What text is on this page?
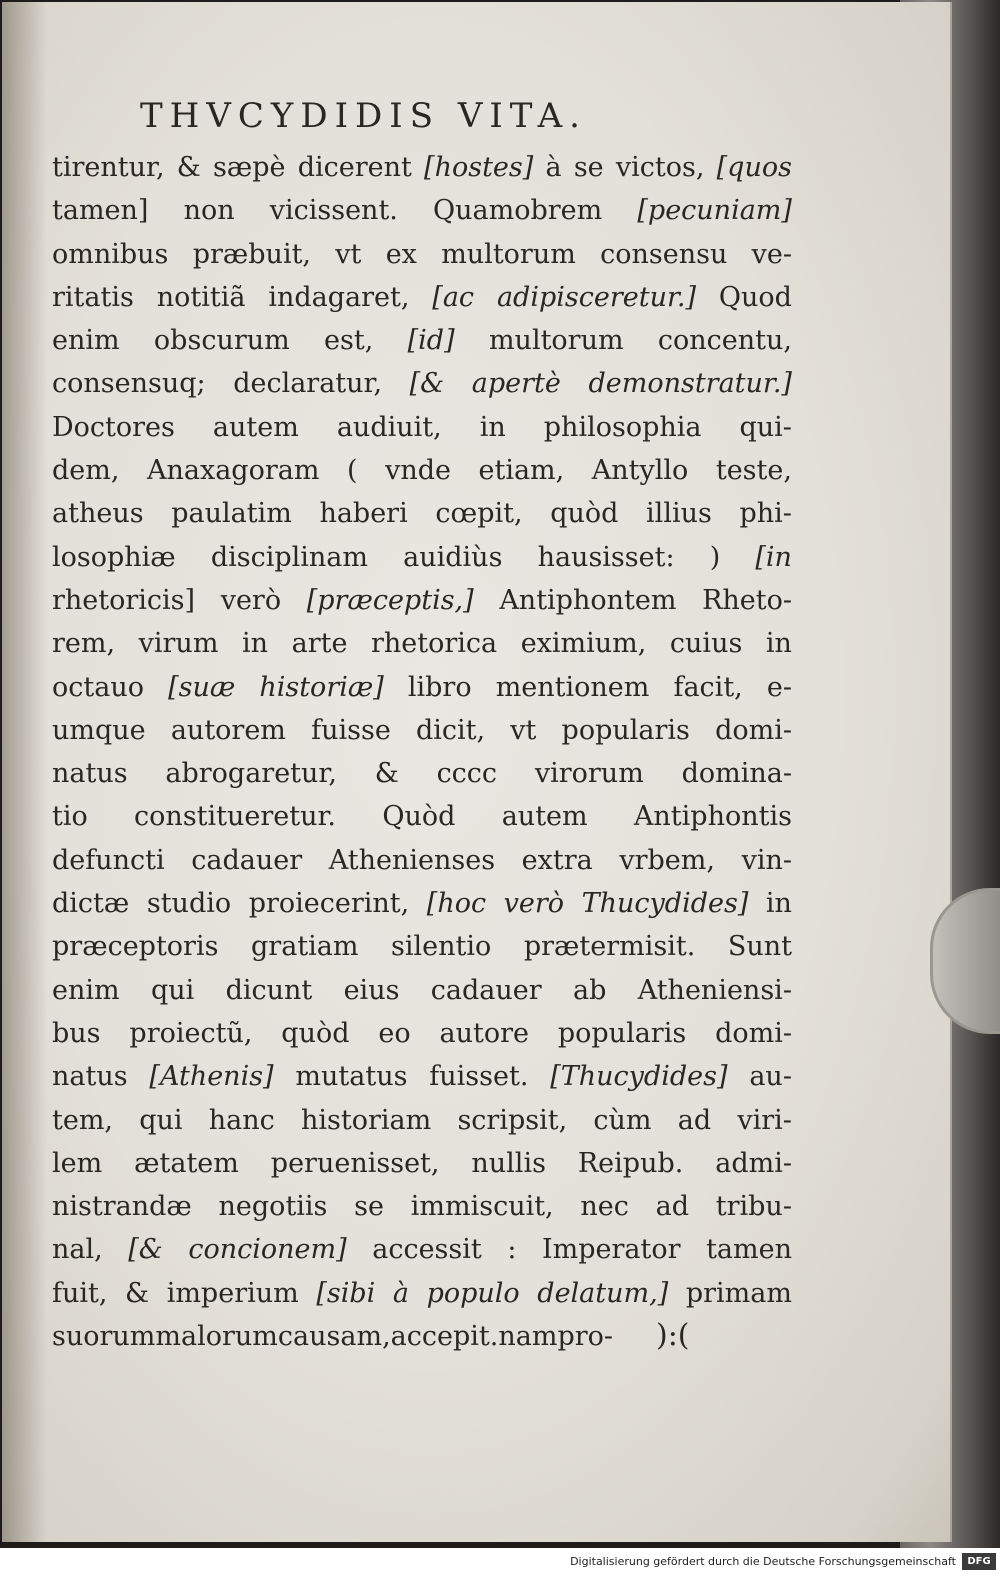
THVCYDIDIS VITA.
tirentur, & sæpè dicerent [hostes] à se victos, [quos
tamen] non vicissent. Quamobrem [pecuniam]
omnibus præbuit, vt ex multorum consensu ve-
ritatis notitiã indagaret, [ac adipisceretur.] Quod
enim obscurum est, [id] multorum concentu,
consensuq; declaratur, [& apertè demonstratur.]
Doctores autem audiuit, in philosophia qui-
dem, Anaxagoram ( vnde etiam, Antyllo teste,
atheus paulatim haberi cœpit, quòd illius phi-
losophiæ disciplinam auidiùs hausisset: ) [in
rhetoricis] verò [præceptis,] Antiphontem Rheto-
rem, virum in arte rhetorica eximium, cuius in
octauo [suæ historiæ] libro mentionem facit, e-
umque autorem fuisse dicit, vt popularis domi-
natus abrogaretur, & cccc virorum domina-
tio constitueretur. Quòd autem Antiphontis
defuncti cadauer Athenienses extra vrbem, vin-
dictæ studio proiecerint, [hoc verò Thucydides] in
præceptoris gratiam silentio prætermisit. Sunt
enim qui dicunt eius cadauer ab Atheniensi-
bus proiectũ, quòd eo autore popularis domi-
natus [Athenis] mutatus fuisset. [Thucydides] au-
tem, qui hanc historiam scripsit, cùm ad viri-
lem ætatem peruenisset, nullis Reipub. admi-
nistrandæ negotiis se immiscuit, nec ad tribu-
nal, [& concionem] accessit : Imperator tamen
fuit, & imperium [sibi à populo delatum,] primam
suorum malorum causam , accepit. nam pro- ):(
Digitalisierung gefördert durch die Deutsche Forschungsgemeinschaft	DFG
